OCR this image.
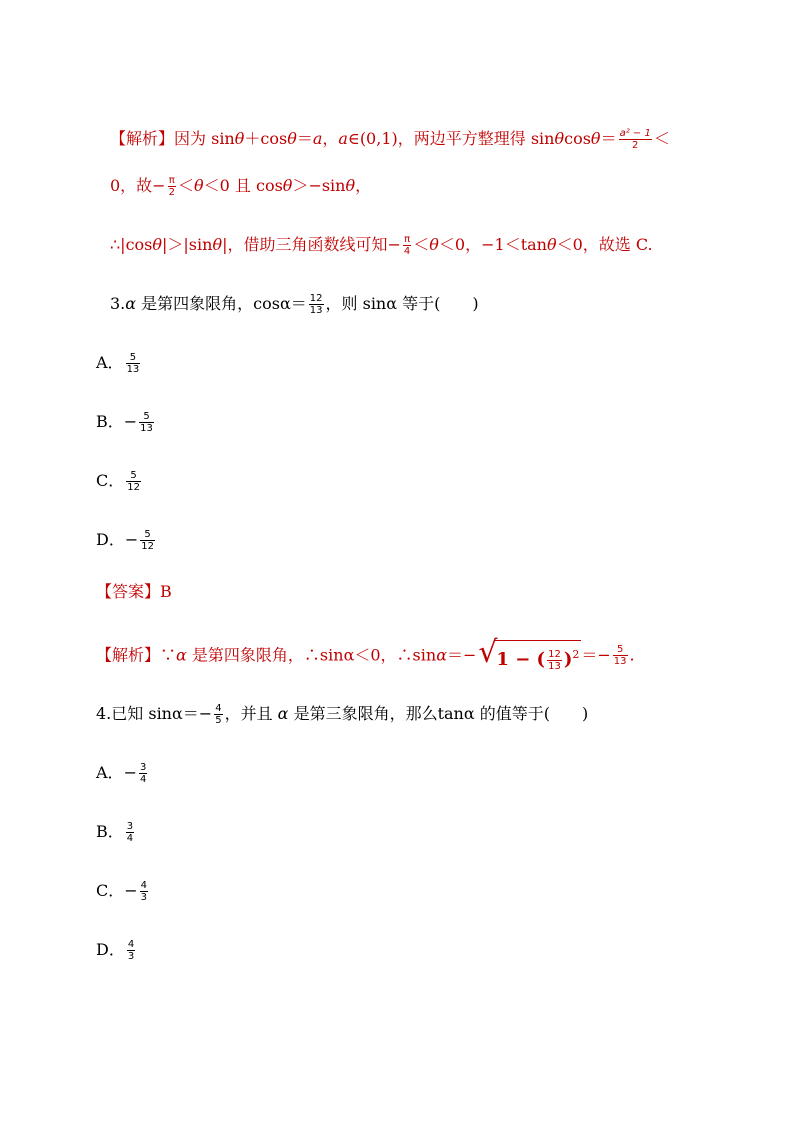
【解析】因为 sinθ＋cosθ＝a，a∈(0,1)，两边平方整理得 $\sin\theta\cos\theta= \frac{\text{a² − 1}}{2}$ ＜
0，故− $\frac{\pi}{2} <\theta<0$ 且 cosθ＞−sinθ，
∴|cosθ|＞|sinθ|，借助三角函数线可知− $\frac{\pi}{4} <\theta<0$，−1＜tanθ＜0，故选 C.
3.α 是第四象限角，$\cos\alpha= \frac{12}{13}$ ，则 sinα 等于(　　)
A． $\frac{5}{13}$
B．− $\frac{5}{13}$
C． $\frac{5}{12}$
D．− $\frac{5}{12}$
【答案】B
【解析】∵α 是第四象限角，∴sinα＜0，∴sinα＝− √
1 − ( $\frac{12}{13} )^2 =- \frac{5}{13}$ .
4.已知 $\sin\alpha=- \frac{4}{5}$ ，并且 α 是第三象限角，那么tanα 的值等于(　　)
A．− $\frac{3}{4}$
B． $\frac{3}{4}$
C．− $\frac{4}{3}$
D． $\frac{4}{3}$
